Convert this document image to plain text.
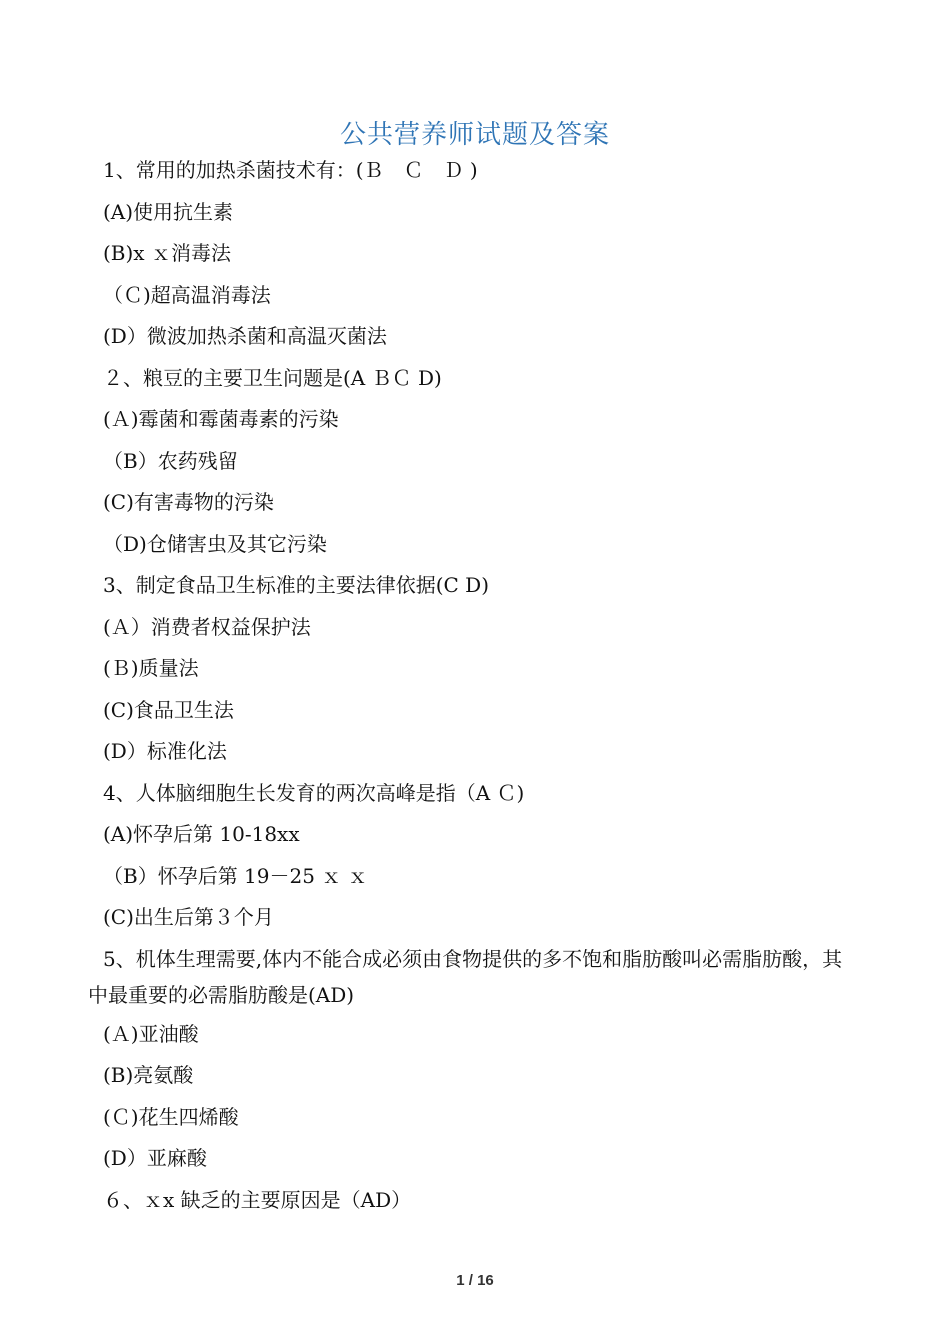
公共营养师试题及答案
1、常用的加热杀菌技术有：(Ｂ　Ｃ　Ｄ )
(A)使用抗生素
(B)x ｘ消毒法
（Ｃ)超高温消毒法
(D）微波加热杀菌和高温灭菌法
２、粮豆的主要卫生问题是(A ＢＣ D)
(Ａ)霉菌和霉菌毒素的污染
（B）农药残留
(C)有害毒物的污染
（D)仓储害虫及其它污染
3、制定食品卫生标准的主要法律依据(C D)
(Ａ）消费者权益保护法
(Ｂ)质量法
(C)食品卫生法
(D）标准化法
4、人体脑细胞生长发育的两次高峰是指（A Ｃ)
(A)怀孕后第 10-18xx
（B）怀孕后第 19－25 ｘ ｘ
(C)出生后第３个月
5、机体生理需要,体内不能合成必须由食物提供的多不饱和脂肪酸叫必需脂肪酸，其中最重要的必需脂肪酸是(AD)
(Ａ)亚油酸
(B)亮氨酸
(Ｃ)花生四烯酸
(D）亚麻酸
６、ｘx 缺乏的主要原因是（AD）
1 / 16
